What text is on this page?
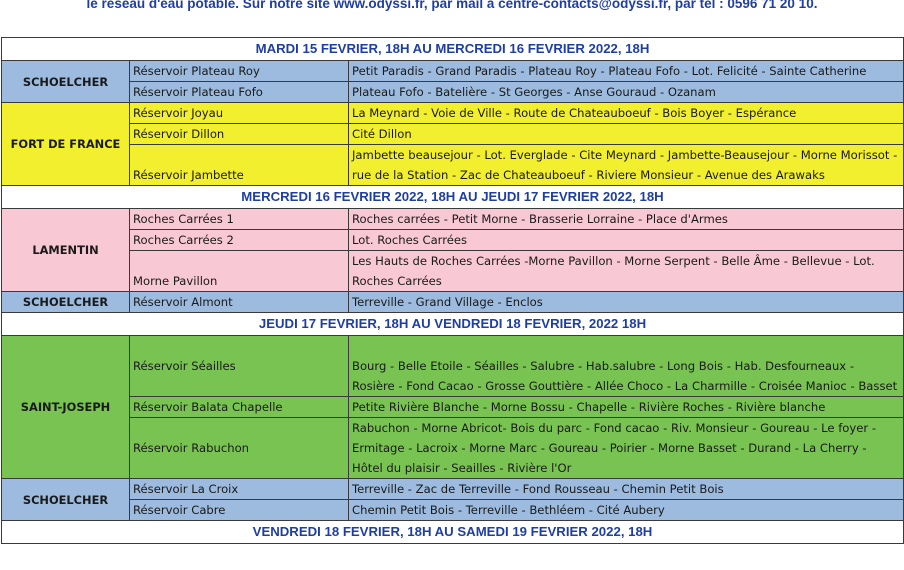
le réseau d'eau potable. Sur notre site www.odyssi.fr, par mail à centre-contacts@odyssi.fr, par tel : 0596 71 20 10.
MARDI 15 FEVRIER, 18H AU MERCREDI 16 FEVRIER 2022, 18H		
SCHOELCHER	Réservoir Plateau Roy	Petit Paradis - Grand Paradis - Plateau Roy - Plateau Fofo - Lot. Felicité - Sainte Catherine
	Réservoir Plateau Fofo	Plateau Fofo - Batelière - St Georges - Anse Gouraud - Ozanam
FORT DE FRANCE	Réservoir Joyau	La Meynard - Voie de Ville - Route de Chateauboeuf - Bois Boyer - Espérance
	Réservoir Dillon	Cité Dillon
	Réservoir Jambette	Jambette beausejour - Lot. Everglade - Cite Meynard - Jambette-Beausejour - Morne Morissot - rue de la Station - Zac de Chateauboeuf - Riviere Monsieur - Avenue des Arawaks
MERCREDI 16 FEVRIER 2022, 18H AU JEUDI 17 FEVRIER 2022, 18H		
LAMENTIN	Roches Carrées 1	Roches carrées - Petit Morne - Brasserie Lorraine - Place d'Armes
	Roches Carrées 2	Lot. Roches Carrées
	Morne Pavillon	Les Hauts de Roches Carrées -Morne Pavillon - Morne Serpent - Belle Âme - Bellevue - Lot. Roches Carrées
SCHOELCHER	Réservoir Almont	Terreville - Grand Village - Enclos
JEUDI 17 FEVRIER, 18H AU VENDREDI 18 FEVRIER, 2022 18H		
SAINT-JOSEPH	Réservoir Séailles	Bourg - Belle Etoile - Séailles - Salubre - Hab.salubre - Long Bois - Hab. Desfourneaux - Rosière - Fond Cacao - Grosse Gouttière - Allée Choco - La Charmille - Croisée Manioc - Basset
	Réservoir Balata Chapelle	Petite Rivière Blanche - Morne Bossu - Chapelle - Rivière Roches - Rivière blanche
	Réservoir Rabuchon	Rabuchon - Morne Abricot- Bois du parc - Fond cacao - Riv. Monsieur - Goureau - Le foyer - Ermitage - Lacroix - Morne Marc - Goureau - Poirier - Morne Basset - Durand - La Cherry - Hôtel du plaisir - Seailles - Rivière l'Or
SCHOELCHER	Réservoir La Croix	Terreville - Zac de Terreville - Fond Rousseau - Chemin Petit Bois
	Réservoir Cabre	Chemin Petit Bois - Terreville - Bethléem - Cité Aubery
VENDREDI 18 FEVRIER, 18H AU SAMEDI 19 FEVRIER 2022, 18H		
